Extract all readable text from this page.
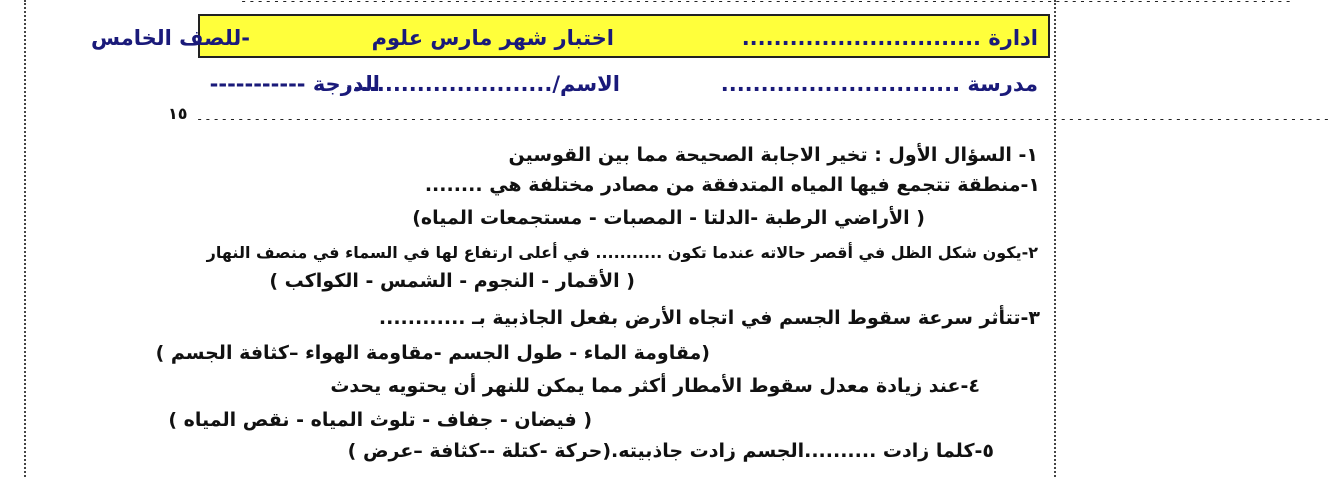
--------------------------------------------------------------------------------------------------------------------------------
ادارة ..............................
اختبار شهر مارس علوم
-للصف الخامس
مدرسة ..............................
الاسم/..........................
الدرجة -----------
١٥ ------------------------------------------------------------------------------------------------------------------------------------------
١- السؤال الأول : تخير الاجابة الصحيحة مما بين القوسين
١-منطقة تتجمع فيها المياه المتدفقة من مصادر مختلفة هي ........
( الأراضي الرطبة -الدلتا - المصبات - مستجمعات المياه)
٢-يكون شكل الظل في أقصر حالاته عندما تكون ........... في أعلى ارتفاع لها في السماء في منصف النهار
( الأقمار - النجوم - الشمس - الكواكب )
٣-تتأثر سرعة سقوط الجسم في اتجاه الأرض بفعل الجاذبية بـ ............
(مقاومة الماء - طول الجسم -مقاومة الهواء –كثافة الجسم )
٤-عند زيادة معدل سقوط الأمطار أكثر مما يمكن للنهر أن يحتويه يحدث
( فيضان - جفاف - تلوث المياه - نقص المياه )
٥-كلما زادت ..........الجسم زادت جاذبيته.(حركة -كتلة --كثافة –عرض )
